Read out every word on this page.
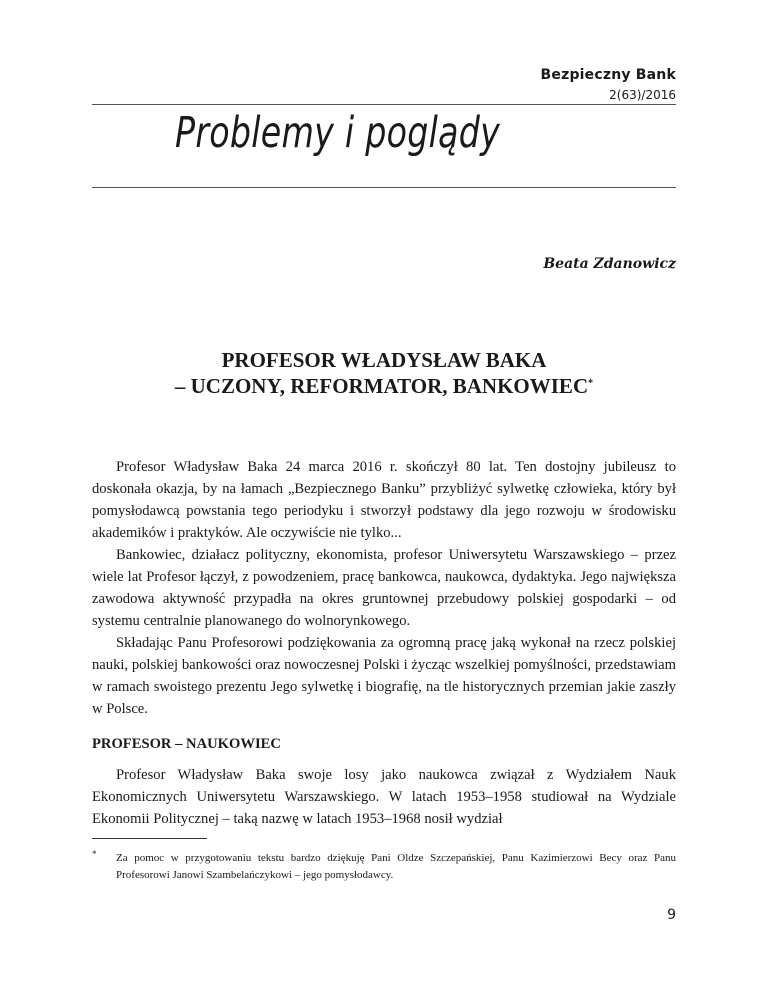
Bezpieczny Bank
2(63)/2016
Problemy i poglądy
Beata Zdanowicz
PROFESOR WŁADYSŁAW BAKA
– UCZONY, REFORMATOR, BANKOWIEC*

Profesor Władysław Baka 24 marca 2016 r. skończył 80 lat. Ten dostojny jubileusz to doskonała okazja, by na łamach „Bezpiecznego Banku” przybliżyć sylwetkę człowieka, który był pomysłodawcą powstania tego periodyku i stworzył podstawy dla jego rozwoju w środowisku akademików i praktyków. Ale oczywiście nie tylko...

Bankowiec, działacz polityczny, ekonomista, profesor Uniwersytetu Warszawskiego – przez wiele lat Profesor łączył, z powodzeniem, pracę bankowca, naukowca, dydaktyka. Jego największa zawodowa aktywność przypadła na okres gruntownej przebudowy polskiej gospodarki – od systemu centralnie planowanego do wolnorynkowego.

Składając Panu Profesorowi podziękowania za ogromną pracę jaką wykonał na rzecz polskiej nauki, polskiej bankowości oraz nowoczesnej Polski i życząc wszelkiej pomyślności, przedstawiam w ramach swoistego prezentu Jego sylwetkę i biografię, na tle historycznych przemian jakie zaszły w Polsce.

PROFESOR – NAUKOWIEC

Profesor Władysław Baka swoje losy jako naukowca związał z Wydziałem Nauk Ekonomicznych Uniwersytetu Warszawskiego. W latach 1953–1958 studiował na Wydziale Ekonomii Politycznej – taką nazwę w latach 1953–1968 nosił wydział

* Za pomoc w przygotowaniu tekstu bardzo dziękuję Pani Oldze Szczepańskiej, Panu Kazimierzowi Becy oraz Panu Profesorowi Janowi Szambelańczykowi – jego pomysłodawcy.
9
